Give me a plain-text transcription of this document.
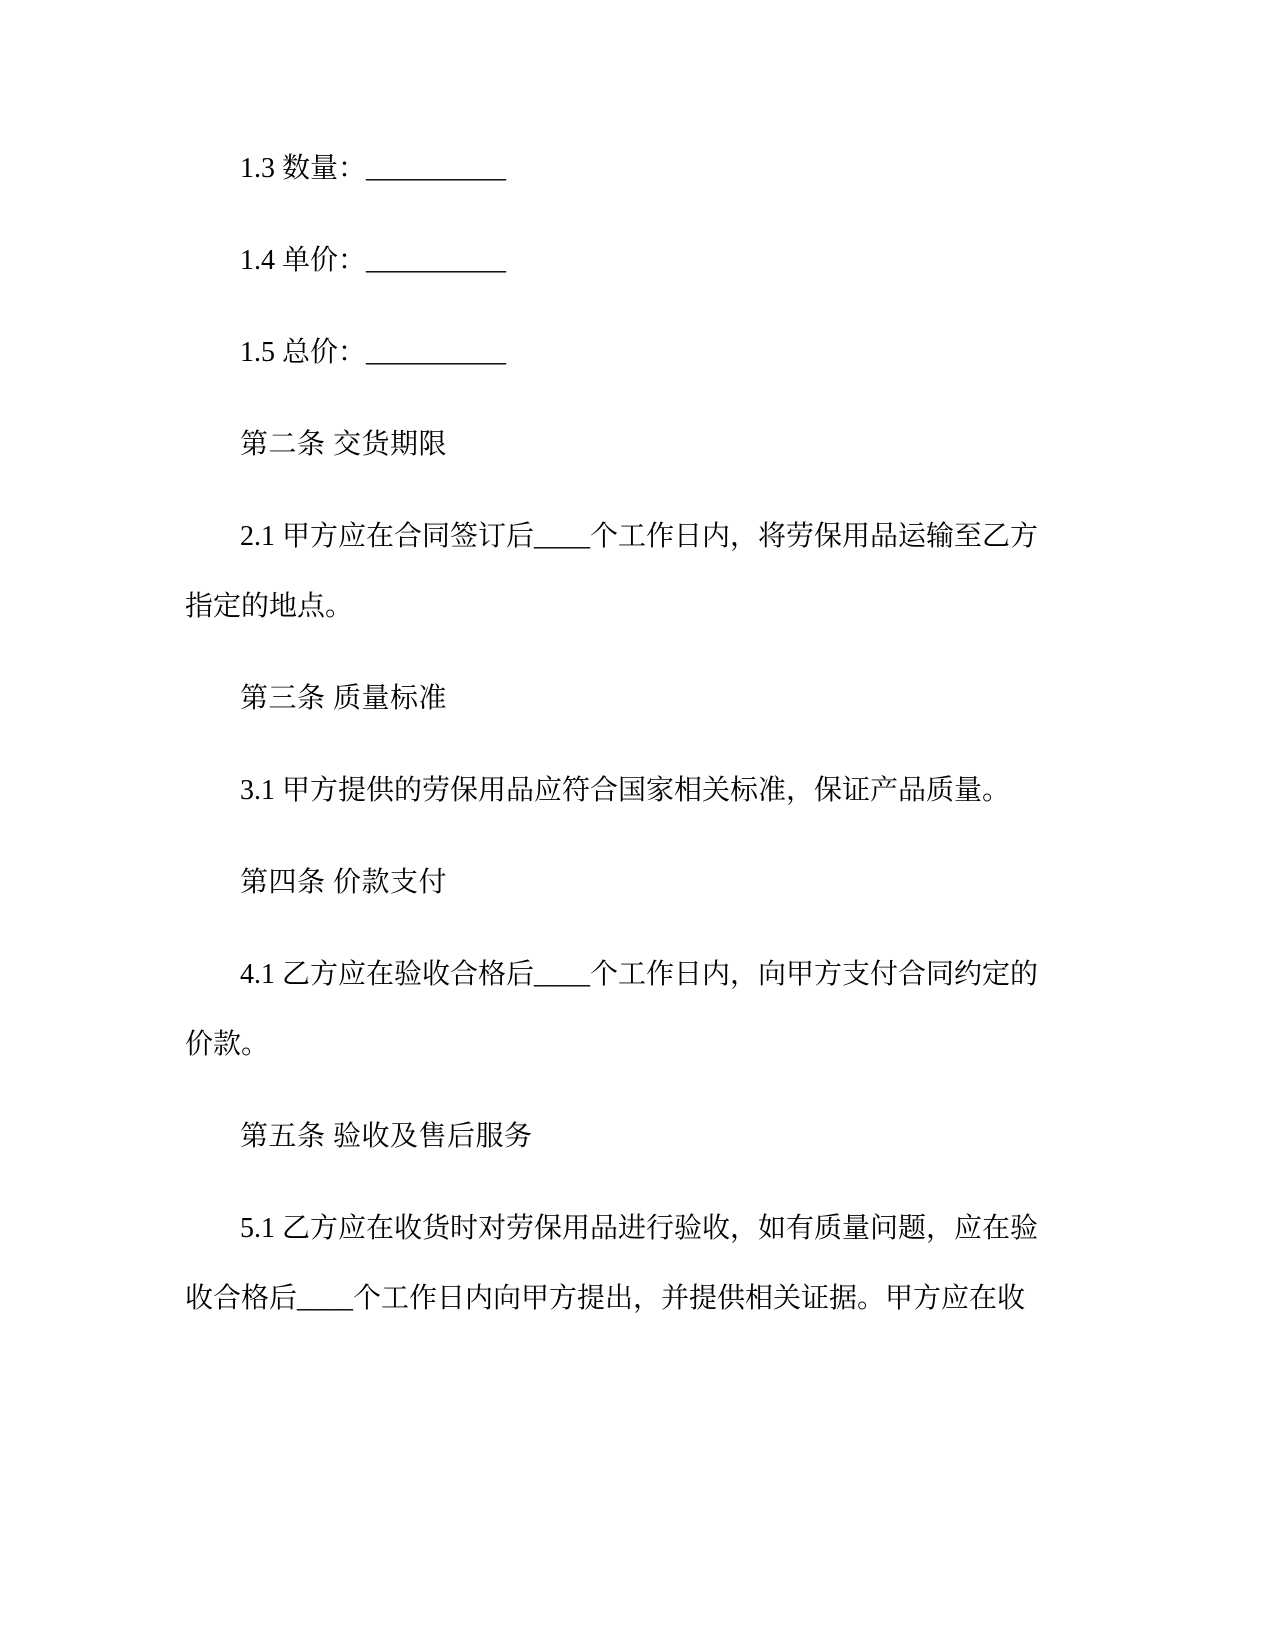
1.3 数量：__________
1.4 单价：__________
1.5 总价：__________
第二条 交货期限
2.1 甲方应在合同签订后____个工作日内，将劳保用品运输至乙方
指定的地点。
第三条 质量标准
3.1 甲方提供的劳保用品应符合国家相关标准，保证产品质量。
第四条 价款支付
4.1 乙方应在验收合格后____个工作日内，向甲方支付合同约定的
价款。
第五条 验收及售后服务
5.1 乙方应在收货时对劳保用品进行验收，如有质量问题，应在验
收合格后____个工作日内向甲方提出，并提供相关证据。甲方应在收
